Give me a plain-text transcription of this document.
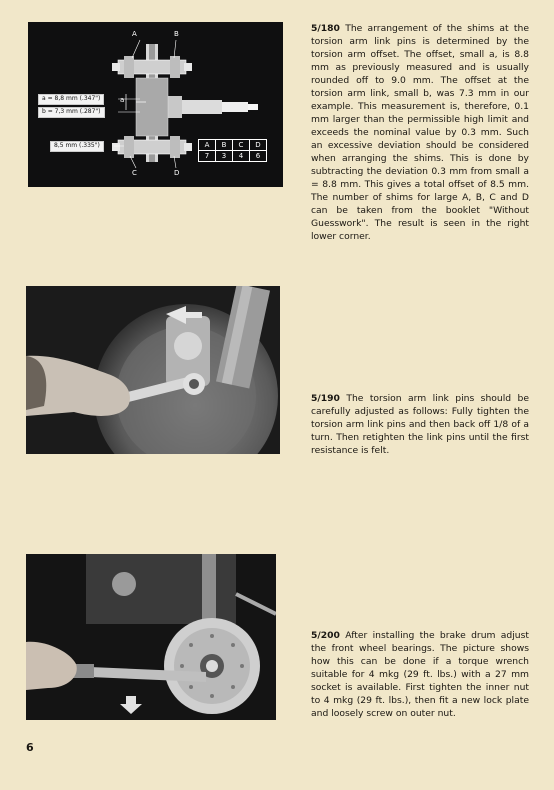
A	B
C	D
a
a = 8,8 mm (.347")
b = 7,3 mm (.287")
8,5 mm (.335")	A	B	C	D
7	3	4	6

5/180 The arrangement of the shims at the torsion arm link pins is determined by the torsion arm offset. The offset, small a, is 8.8 mm as previously measured and is usually rounded off to 9.0 mm. The offset at the torsion arm link, small b, was 7.3 mm in our example. This measurement is, therefore, 0.1 mm larger than the permissible high limit and exceeds the nominal value by 0.3 mm. Such an excessive deviation should be considered when arranging the shims. This is done by subtracting the deviation 0.3 mm from small a = 8.8 mm. This gives a total offset of 8.5 mm. The number of shims for large A, B, C and D can be taken from the booklet "Without Guesswork". The result is seen in the right lower corner.

5/190 The torsion arm link pins should be carefully adjusted as follows: Fully tighten the torsion arm link pins and then back off 1/8 of a turn. Then retighten the link pins until the first resistance is felt.

5/200 After installing the brake drum adjust the front wheel bearings. The picture shows how this can be done if a torque wrench suitable for 4 mkg (29 ft. lbs.) with a 27 mm socket is available. First tighten the inner nut to 4 mkg (29 ft. lbs.), then fit a new lock plate and loosely screw on outer nut.

6
